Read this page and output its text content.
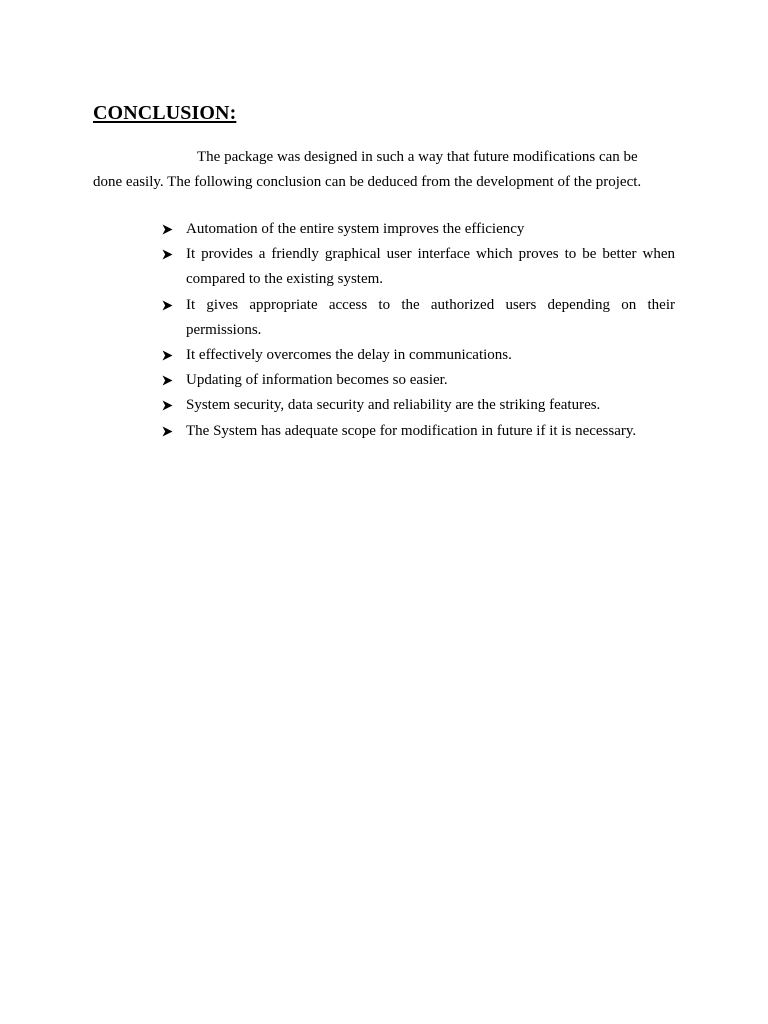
CONCLUSION:

The package was designed in such a way that future modifications can be
done easily. The following conclusion can be deduced from the development of the project.

Automation of the entire system improves the efficiency
It provides a friendly graphical user interface which proves to be better when compared to the existing system.
It gives appropriate access to the authorized users depending on their permissions.
It effectively overcomes the delay in communications.
Updating of information becomes so easier.
System security, data security and reliability are the striking features.
The System has adequate scope for modification in future if it is necessary.
